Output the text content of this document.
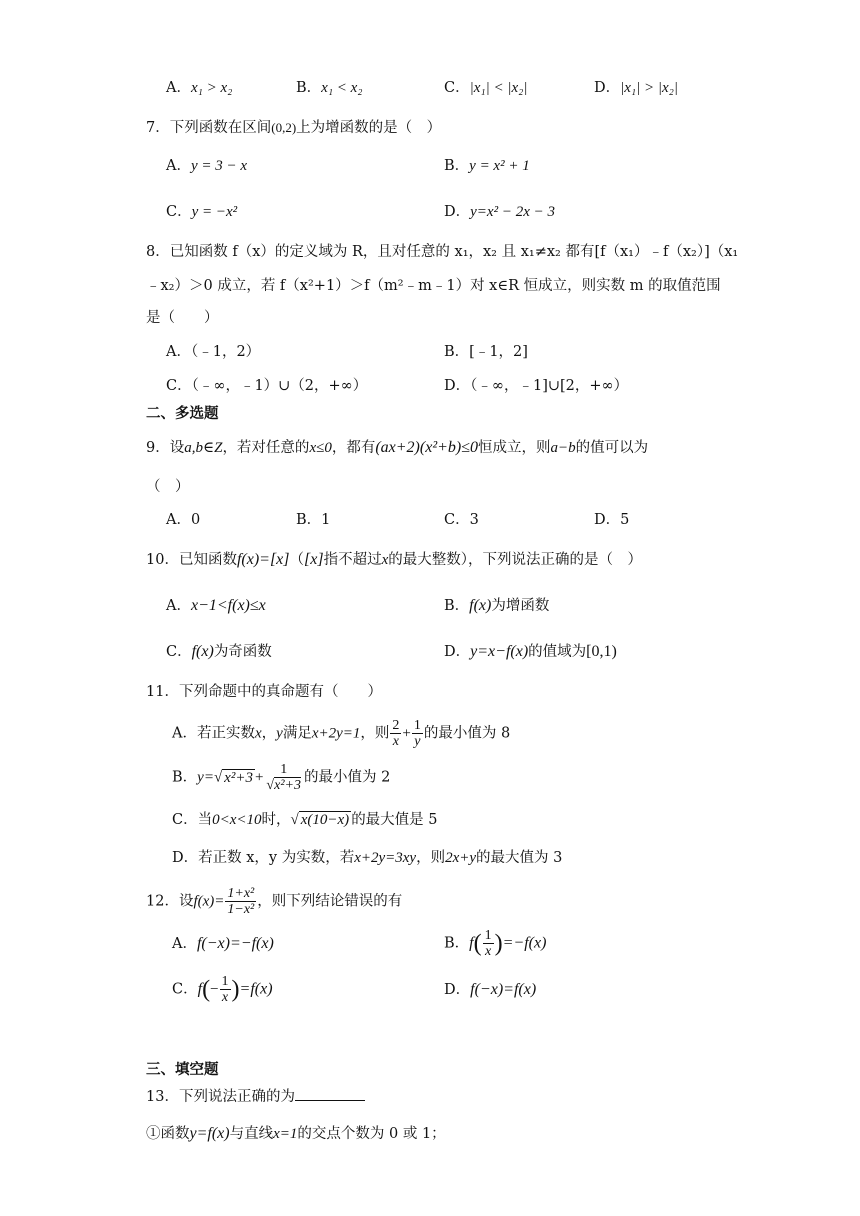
A．x₁ > x₂	B．x₁ < x₂	C．|x₁| < |x₂|	D．|x₁| > |x₂|
7．下列函数在区间(0,2)上为增函数的是（　）
A．y = 3 − x	B．y = x² + 1
C．y = −x²	D．y=x² − 2x − 3
8．已知函数 f（x）的定义域为 R，且对任意的 x₁，x₂ 且 x₁≠x₂ 都有[f（x₁）﹣f（x₂）]（x₁
﹣x₂）＞0 成立，若 f（x²+1）＞f（m²﹣m﹣1）对 x∈R 恒成立，则实数 m 的取值范围
是（　　）
A．（﹣1，2）	B．[﹣1，2]
C．（﹣∞，﹣1）∪（2，+∞）	D．（﹣∞，﹣1]∪[2，+∞）
二、多选题
9．设a,b∈Z，若对任意的x≤0，都有(ax+2)(x²+b)≤0恒成立，则a−b的值可以为
（　）
A．0	B．1	C．3	D．5
10．已知函数f(x)=[x]（[x]指不超过x的最大整数），下列说法正确的是（　）
A．x−1<f(x)≤x	B．f(x)为增函数
C．f(x)为奇函数	D．y=x−f(x)的值域为[0,1)
11．下列命题中的真命题有（　　）
A．若正实数x，y满足x+2y=1，则 $\frac{2}{x} + \frac{1}{y}$ 的最小值为 8
B．y=√ $x^2+3 + \frac{1}{\text{√x²+3}}$ 的最小值为 2
C．当0<x<10时，√ x(10−x) 的最大值是 5
D．若正数 x，y 为实数，若x+2y=3xy，则2x+y的最大值为 3
12．设$f(x)= \frac{\text{1+x²}}{\text{1−x²}}$ ，则下列结论错误的有
A．f(−x)=−f(x)	B．$f( \frac{1}{x} )=-f(x)$
C．$f(- \frac{1}{x} )=f(x)$	D．f(−x)=f(x)
三、填空题
13．下列说法正确的为
①函数y=f(x)与直线x=1的交点个数为 0 或 1；
